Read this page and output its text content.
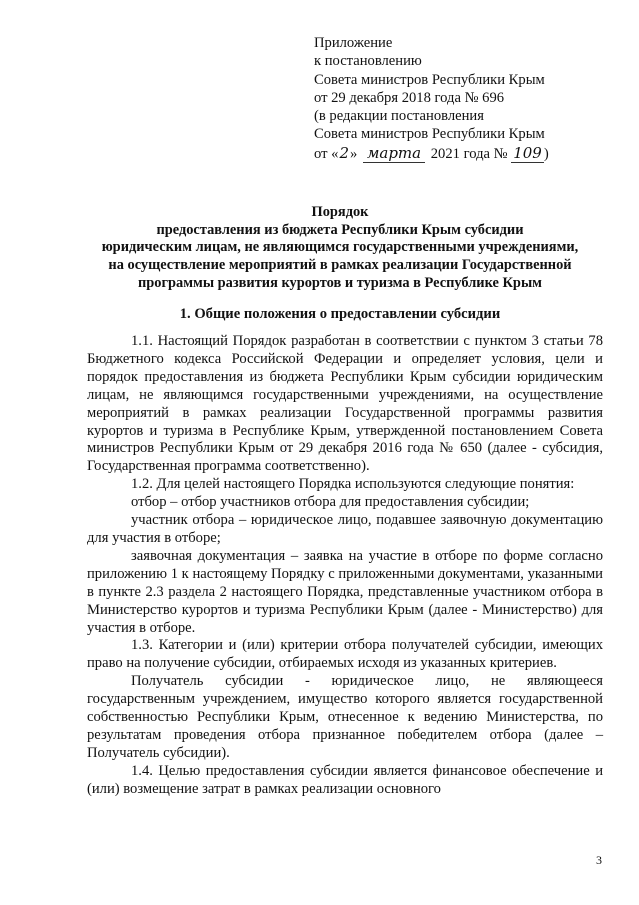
Приложение
к постановлению
Совета министров Республики Крым
от 29 декабря 2018 года № 696
(в редакции постановления
Совета министров Республики Крым
от «2» марта 2021 года № 109 )
Порядок
предоставления из бюджета Республики Крым субсидии
юридическим лицам, не являющимся государственными учреждениями,
на осуществление мероприятий в рамках реализации Государственной
программы развития курортов и туризма в Республике Крым
1. Общие положения о предоставлении субсидии

1.1. Настоящий Порядок разработан в соответствии с пунктом 3 статьи 78 Бюджетного кодекса Российской Федерации и определяет условия, цели и порядок предоставления из бюджета Республики Крым субсидии юридическим лицам, не являющимся государственными учреждениями, на осуществление мероприятий в рамках реализации Государственной программы развития курортов и туризма в Республике Крым, утвержденной постановлением Совета министров Республики Крым от 29 декабря 2016 года № 650 (далее - субсидия, Государственная программа соответственно).

1.2. Для целей настоящего Порядка используются следующие понятия:

отбор – отбор участников отбора для предоставления субсидии;

участник отбора – юридическое лицо, подавшее заявочную документацию для участия в отборе;

заявочная документация – заявка на участие в отборе по форме согласно приложению 1 к настоящему Порядку с приложенными документами, указанными в пункте 2.3 раздела 2 настоящего Порядка, представленные участником отбора в Министерство курортов и туризма Республики Крым (далее - Министерство) для участия в отборе.

1.3. Категории и (или) критерии отбора получателей субсидии, имеющих право на получение субсидии, отбираемых исходя из указанных критериев.

Получатель субсидии - юридическое лицо, не являющееся государственным учреждением, имущество которого является государственной собственностью Республики Крым, отнесенное к ведению Министерства, по результатам проведения отбора признанное победителем отбора (далее – Получатель субсидии).

1.4. Целью предоставления субсидии является финансовое обеспечение и (или) возмещение затрат в рамках реализации основного

3
